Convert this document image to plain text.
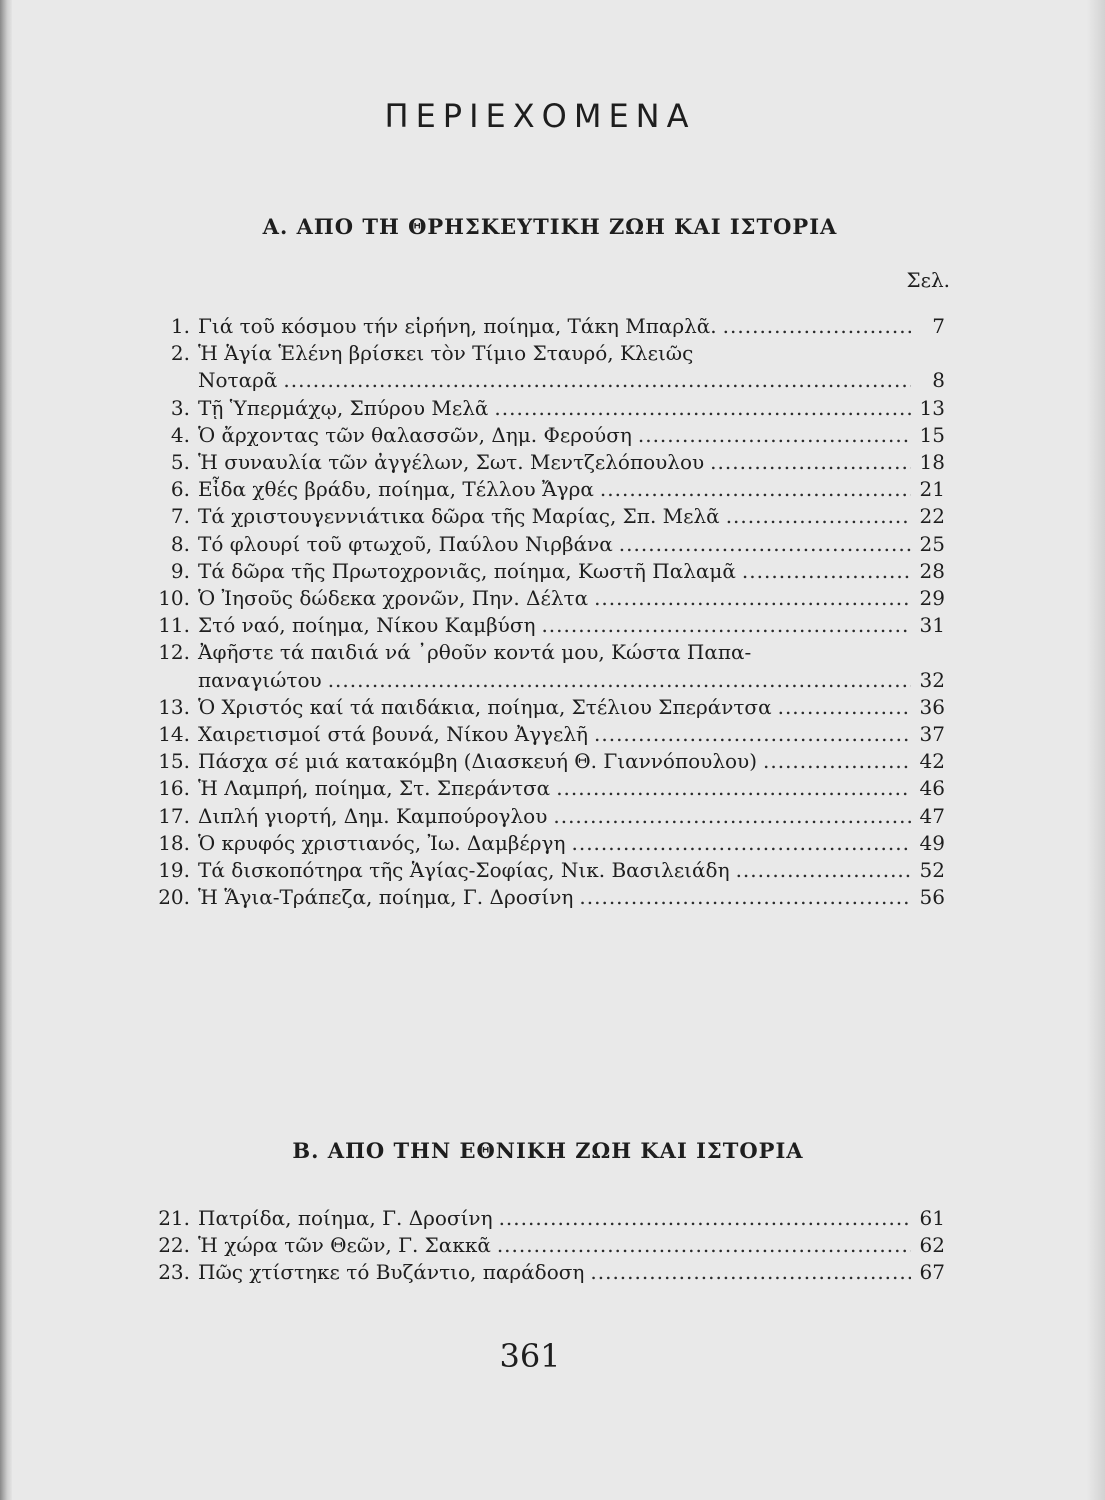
ΠΕΡΙΕΧΟΜΕΝΑ
Α. ΑΠΟ ΤΗ ΘΡΗΣΚΕΥΤΙΚΗ ΖΩΗ ΚΑΙ ΙΣΤΟΡΙΑ
Σελ.
1. Γιά τοῦ κόσμου τήν εἰρήνη, ποίημα, Τάκη Μπαρλᾶ. .....	7
2. Ἡ Ἁγία Ἑλένη βρίσκει τὸν Τίμιο Σταυρό, Κλειῶς
Νοταρᾶ .....	8
3. Τῇ Ὑπερμάχῳ, Σπύρου Μελᾶ .....	13
4. Ὁ ἄρχοντας τῶν θαλασσῶν, Δημ. Φερούση .....	15
5. Ἡ συναυλία τῶν ἀγγέλων, Σωτ. Μεντζελόπουλου .....	18
6. Εἶδα χθές βράδυ, ποίημα, Τέλλου Ἄγρα .....	21
7. Τά χριστουγεννιάτικα δῶρα τῆς Μαρίας, Σπ. Μελᾶ .....	22
8. Τό φλουρί τοῦ φτωχοῦ, Παύλου Νιρβάνα .....	25
9. Τά δῶρα τῆς Πρωτοχρονιᾶς, ποίημα, Κωστῆ Παλαμᾶ .....	28
10. Ὁ Ἰησοῦς δώδεκα χρονῶν, Πην. Δέλτα .....	29
11. Στό ναό, ποίημα, Νίκου Καμβύση .....	31
12. Ἀφῆστε τά παιδιά νά ᾽ρθοῦν κοντά μου, Κώστα Παπα-
παναγιώτου .....	32
13. Ὁ Χριστός καί τά παιδάκια, ποίημα, Στέλιου Σπεράντσα .....	36
14. Χαιρετισμοί στά βουνά, Νίκου Ἀγγελῆ .....	37
15. Πάσχα σέ μιά κατακόμβη (Διασκευή Θ. Γιαννόπουλου) .....	42
16. Ἡ Λαμπρή, ποίημα, Στ. Σπεράντσα .....	46
17. Διπλή γιορτή, Δημ. Καμπούρογλου .....	47
18. Ὁ κρυφός χριστιανός, Ἰω. Δαμβέργη .....	49
19. Τά δισκοπότηρα τῆς Ἁγίας-Σοφίας, Νικ. Βασιλειάδη .....	52
20. Ἡ Ἅγια-Τράπεζα, ποίημα, Γ. Δροσίνη .....	56
Β. ΑΠΟ ΤΗΝ ΕΘΝΙΚΗ ΖΩΗ ΚΑΙ ΙΣΤΟΡΙΑ
21. Πατρίδα, ποίημα, Γ. Δροσίνη .....	61
22. Ἡ χώρα τῶν Θεῶν, Γ. Σακκᾶ .....	62
23. Πῶς χτίστηκε τό Βυζάντιο, παράδοση .....	67
361
